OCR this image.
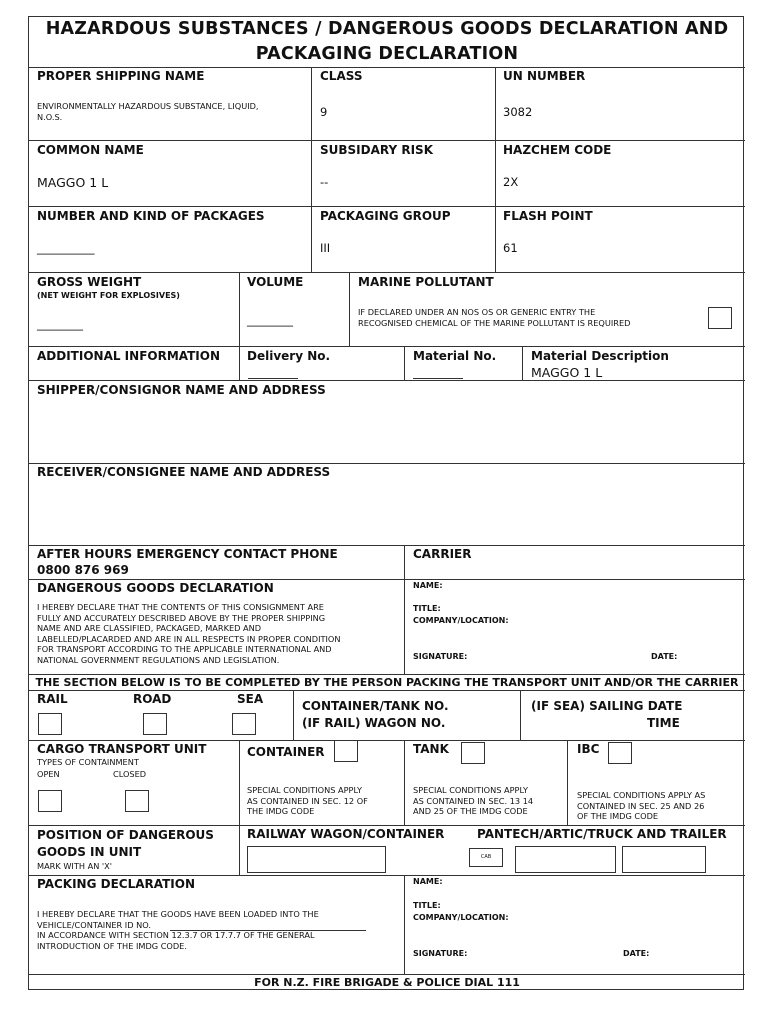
HAZARDOUS SUBSTANCES / DANGEROUS GOODS DECLARATION AND
PACKAGING DECLARATION
PROPER SHIPPING NAME
ENVIRONMENTALLY HAZARDOUS SUBSTANCE, LIQUID,
N.O.S.
CLASS
9
UN NUMBER
3082
COMMON NAME
MAGGO 1 L
SUBSIDARY RISK
--
HAZCHEM CODE
2X
NUMBER AND KIND OF PACKAGES
__________
PACKAGING GROUP
III
FLASH POINT
61
GROSS WEIGHT
(NET WEIGHT FOR EXPLOSIVES)
________
VOLUME
________
MARINE POLLUTANT
IF DECLARED UNDER AN NOS OS OR GENERIC ENTRY THE
RECOGNISED CHEMICAL OF THE MARINE POLLUTANT IS REQUIRED
ADDITIONAL INFORMATION Delivery No.	Material No.	Material Description
MAGGO 1 L
SHIPPER/CONSIGNOR NAME AND ADDRESS
RECEIVER/CONSIGNEE NAME AND ADDRESS
AFTER HOURS EMERGENCY CONTACT PHONE
0800 876 969
CARRIER
DANGEROUS GOODS DECLARATION
I HEREBY DECLARE THAT THE CONTENTS OF THIS CONSIGNMENT ARE
FULLY AND ACCURATELY DESCRIBED ABOVE BY THE PROPER SHIPPING
NAME AND ARE CLASSIFIED, PACKAGED, MARKED AND
LABELLED/PLACARDED AND ARE IN ALL RESPECTS IN PROPER CONDITION
FOR TRANSPORT ACCORDING TO THE APPLICABLE INTERNATIONAL AND
NATIONAL GOVERNMENT REGULATIONS AND LEGISLATION.
NAME:
TITLE:
COMPANY/LOCATION:
SIGNATURE:	DATE:
THE SECTION BELOW IS TO BE COMPLETED BY THE PERSON PACKING THE TRANSPORT UNIT AND/OR THE CARRIER
RAIL	ROAD	SEA	CONTAINER/TANK NO.
(IF RAIL) WAGON NO.
(IF SEA) SAILING DATE
TIME
CARGO TRANSPORT UNIT
TYPES OF CONTAINMENT
OPEN	CLOSED
CONTAINER
SPECIAL CONDITIONS APPLY
AS CONTAINED IN SEC. 12 OF
THE IMDG CODE
TANK
SPECIAL CONDITIONS APPLY
AS CONTAINED IN SEC. 13 14
AND 25 OF THE IMDG CODE
IBC
SPECIAL CONDITIONS APPLY AS
CONTAINED IN SEC. 25 AND 26
OF THE IMDG CODE
POSITION OF DANGEROUS
GOODS IN UNIT
MARK WITH AN 'X'
RAILWAY WAGON/CONTAINER	PANTECH/ARTIC/TRUCK AND TRAILER
CAB
PACKING DECLARATION
I HEREBY DECLARE THAT THE GOODS HAVE BEEN LOADED INTO THE
VEHICLE/CONTAINER ID NO.
IN ACCORDANCE WITH SECTION 12.3.7 OR 17.7.7 OF THE GENERAL
INTRODUCTION OF THE IMDG CODE.
NAME:
TITLE:
COMPANY/LOCATION:
SIGNATURE:	DATE:
FOR N.Z. FIRE BRIGADE & POLICE DIAL 111
